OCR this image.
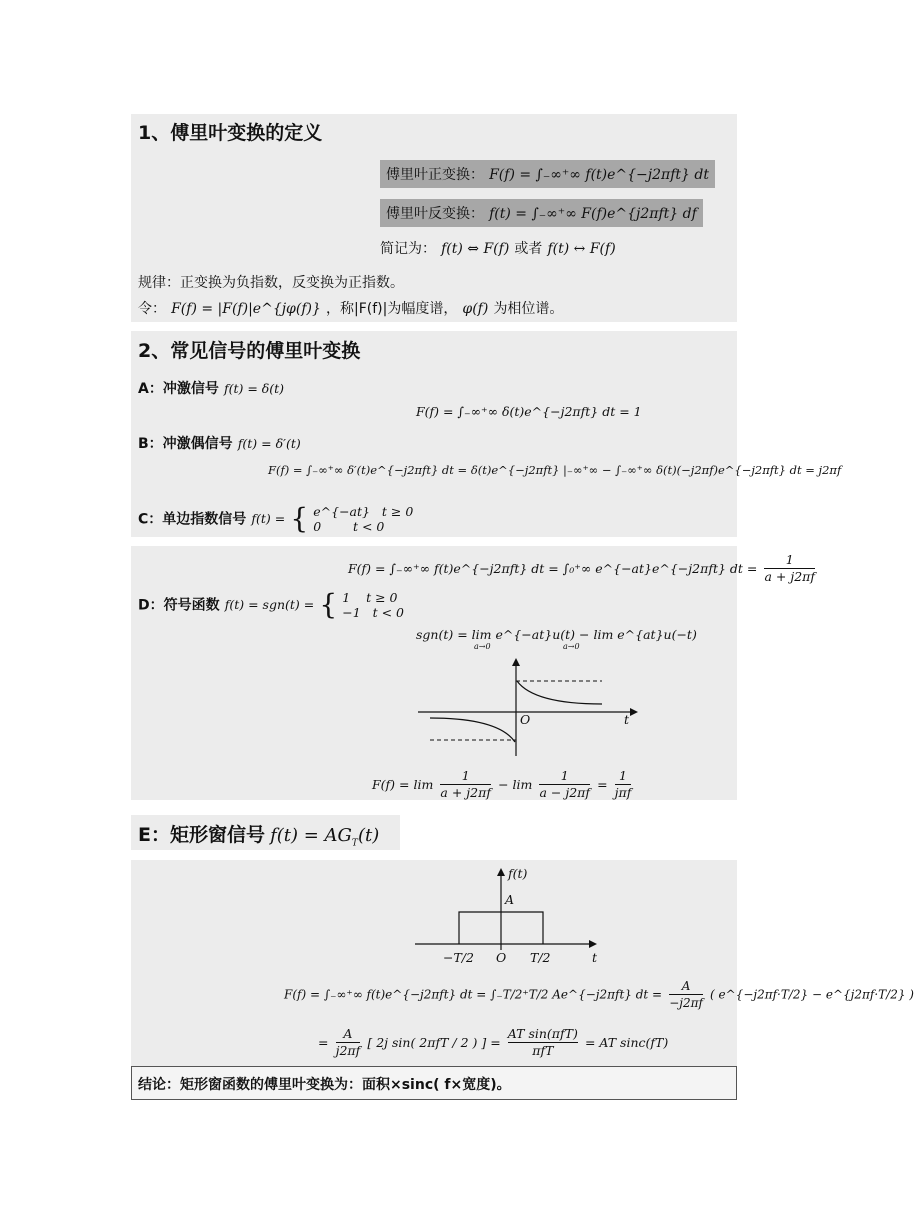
1、傅里叶变换的定义
傅里叶正变换： F(f) = ∫₋∞⁺∞ f(t)e^{−j2πft} dt
傅里叶反变换： f(t) = ∫₋∞⁺∞ F(f)e^{j2πft} df
简记为： f(t) ⇔ F(f) 或者 f(t) ↔ F(f)
规律：正变换为负指数，反变换为正指数。
令： F(f) = |F(f)|e^{jφ(f)} ，称|F(f)|为幅度谱， φ(f) 为相位谱。
2、常见信号的傅里叶变换
A：冲激信号 f(t) = δ(t)
F(f) = ∫₋∞⁺∞ δ(t)e^{−j2πft} dt = 1
B：冲激偶信号 f(t) = δ′(t)
F(f) = ∫₋∞⁺∞ δ′(t)e^{−j2πft} dt = δ(t)e^{−j2πft} |₋∞⁺∞ − ∫₋∞⁺∞ δ(t)(−j2πf)e^{−j2πft} dt = j2πf
C：单边指数信号 f(t) = { e^{−at}   t ≥ 0
0        t < 0
F(f) = ∫₋∞⁺∞ f(t)e^{−j2πft} dt = ∫₀⁺∞ e^{−at}e^{−j2πft} dt = $\frac{1}{a + j2\pi f}$
D：符号函数 f(t) = sgn(t) = { 1    t ≥ 0
−1   t < 0
sgn(t) = lim e^{−at}u(t) − lim e^{at}u(−t)
a→0	a→0
O	t
$F(f) = \lim \frac{1}{a + j2\pi f} - \lim \frac{1}{a - j2\pi f} = \frac{1}{\text{jπf}}$
E：矩形窗信号 $f(t) = AG_T(t)$
f(t)
A
−T/2 O T/2	t
F(f) = ∫₋∞⁺∞ f(t)e^{−j2πft} dt = ∫₋T/2⁺T/2 Ae^{−j2πft} dt = $\frac{A}{-j2\pi f}$ ( e^{−j2πf·T/2} − e^{j2πf·T/2} )
= $\frac{A}{j2\pi f}$ [ 2j sin( 2πfT / 2 ) ] = $\frac{\text{AT sin(πfT)}}{\text{πfT}}$ = AT sinc(fT)
结论：矩形窗函数的傅里叶变换为：面积×sinc( f×宽度)。
